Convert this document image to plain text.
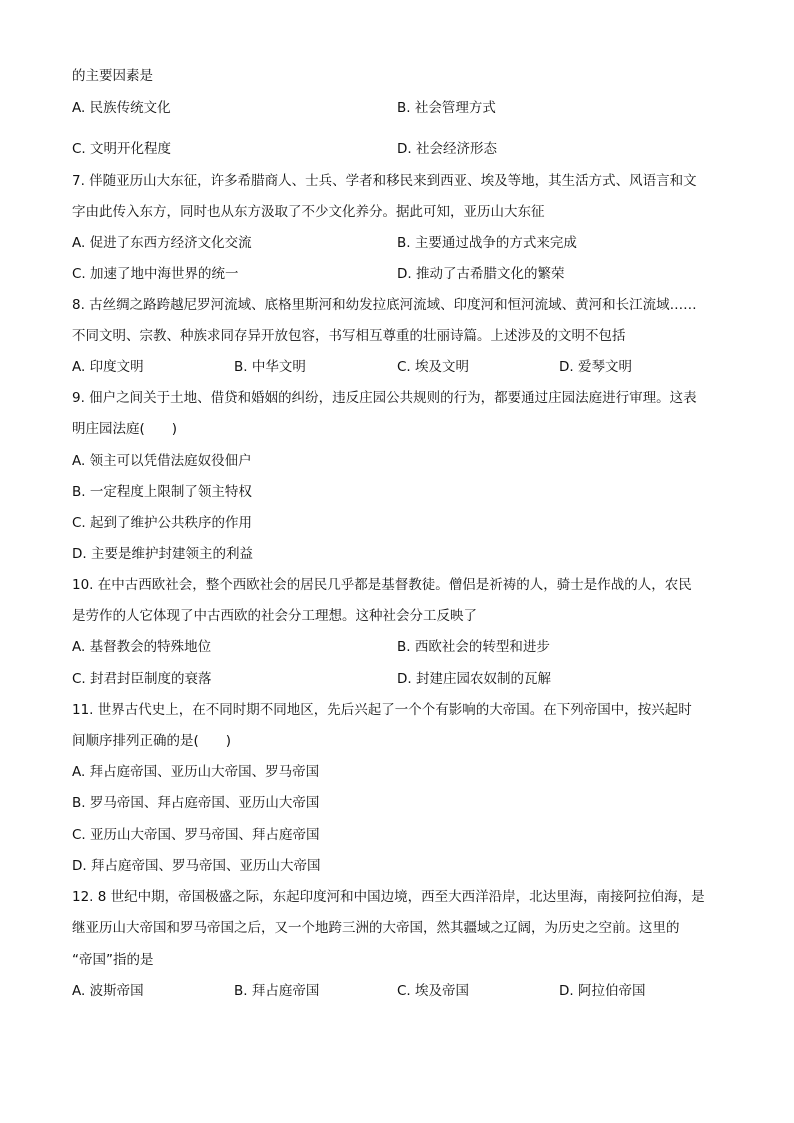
的主要因素是
A. 民族传统文化	B. 社会管理方式
C. 文明开化程度	D. 社会经济形态
7. 伴随亚历山大东征，许多希腊商人、士兵、学者和移民来到西亚、埃及等地，其生活方式、风语言和文
字由此传入东方，同时也从东方汲取了不少文化养分。据此可知，亚历山大东征
A. 促进了东西方经济文化交流	B. 主要通过战争的方式来完成
C. 加速了地中海世界的统一	D. 推动了古希腊文化的繁荣
8. 古丝绸之路跨越尼罗河流域、底格里斯河和幼发拉底河流域、印度河和恒河流域、黄河和长江流域……
不同文明、宗教、种族求同存异开放包容，书写相互尊重的壮丽诗篇。上述涉及的文明不包括
A. 印度文明	B. 中华文明	C. 埃及文明	D. 爱琴文明
9. 佃户之间关于土地、借贷和婚姻的纠纷，违反庄园公共规则的行为，都要通过庄园法庭进行审理。这表
明庄园法庭(　　)
A. 领主可以凭借法庭奴役佃户
B. 一定程度上限制了领主特权
C. 起到了维护公共秩序的作用
D. 主要是维护封建领主的利益
10. 在中古西欧社会，整个西欧社会的居民几乎都是基督教徒。僧侣是祈祷的人，骑士是作战的人，农民
是劳作的人它体现了中古西欧的社会分工理想。这种社会分工反映了
A. 基督教会的特殊地位	B. 西欧社会的转型和进步
C. 封君封臣制度的衰落	D. 封建庄园农奴制的瓦解
11. 世界古代史上，在不同时期不同地区，先后兴起了一个个有影响的大帝国。在下列帝国中，按兴起时
间顺序排列正确的是(　　)
A. 拜占庭帝国、亚历山大帝国、罗马帝国
B. 罗马帝国、拜占庭帝国、亚历山大帝国
C. 亚历山大帝国、罗马帝国、拜占庭帝国
D. 拜占庭帝国、罗马帝国、亚历山大帝国
12. 8 世纪中期，帝国极盛之际，东起印度河和中国边境，西至大西洋沿岸，北达里海，南接阿拉伯海，是
继亚历山大帝国和罗马帝国之后，又一个地跨三洲的大帝国，然其疆域之辽阔，为历史之空前。这里的
“帝国”指的是
A. 波斯帝国	B. 拜占庭帝国	C. 埃及帝国	D. 阿拉伯帝国
